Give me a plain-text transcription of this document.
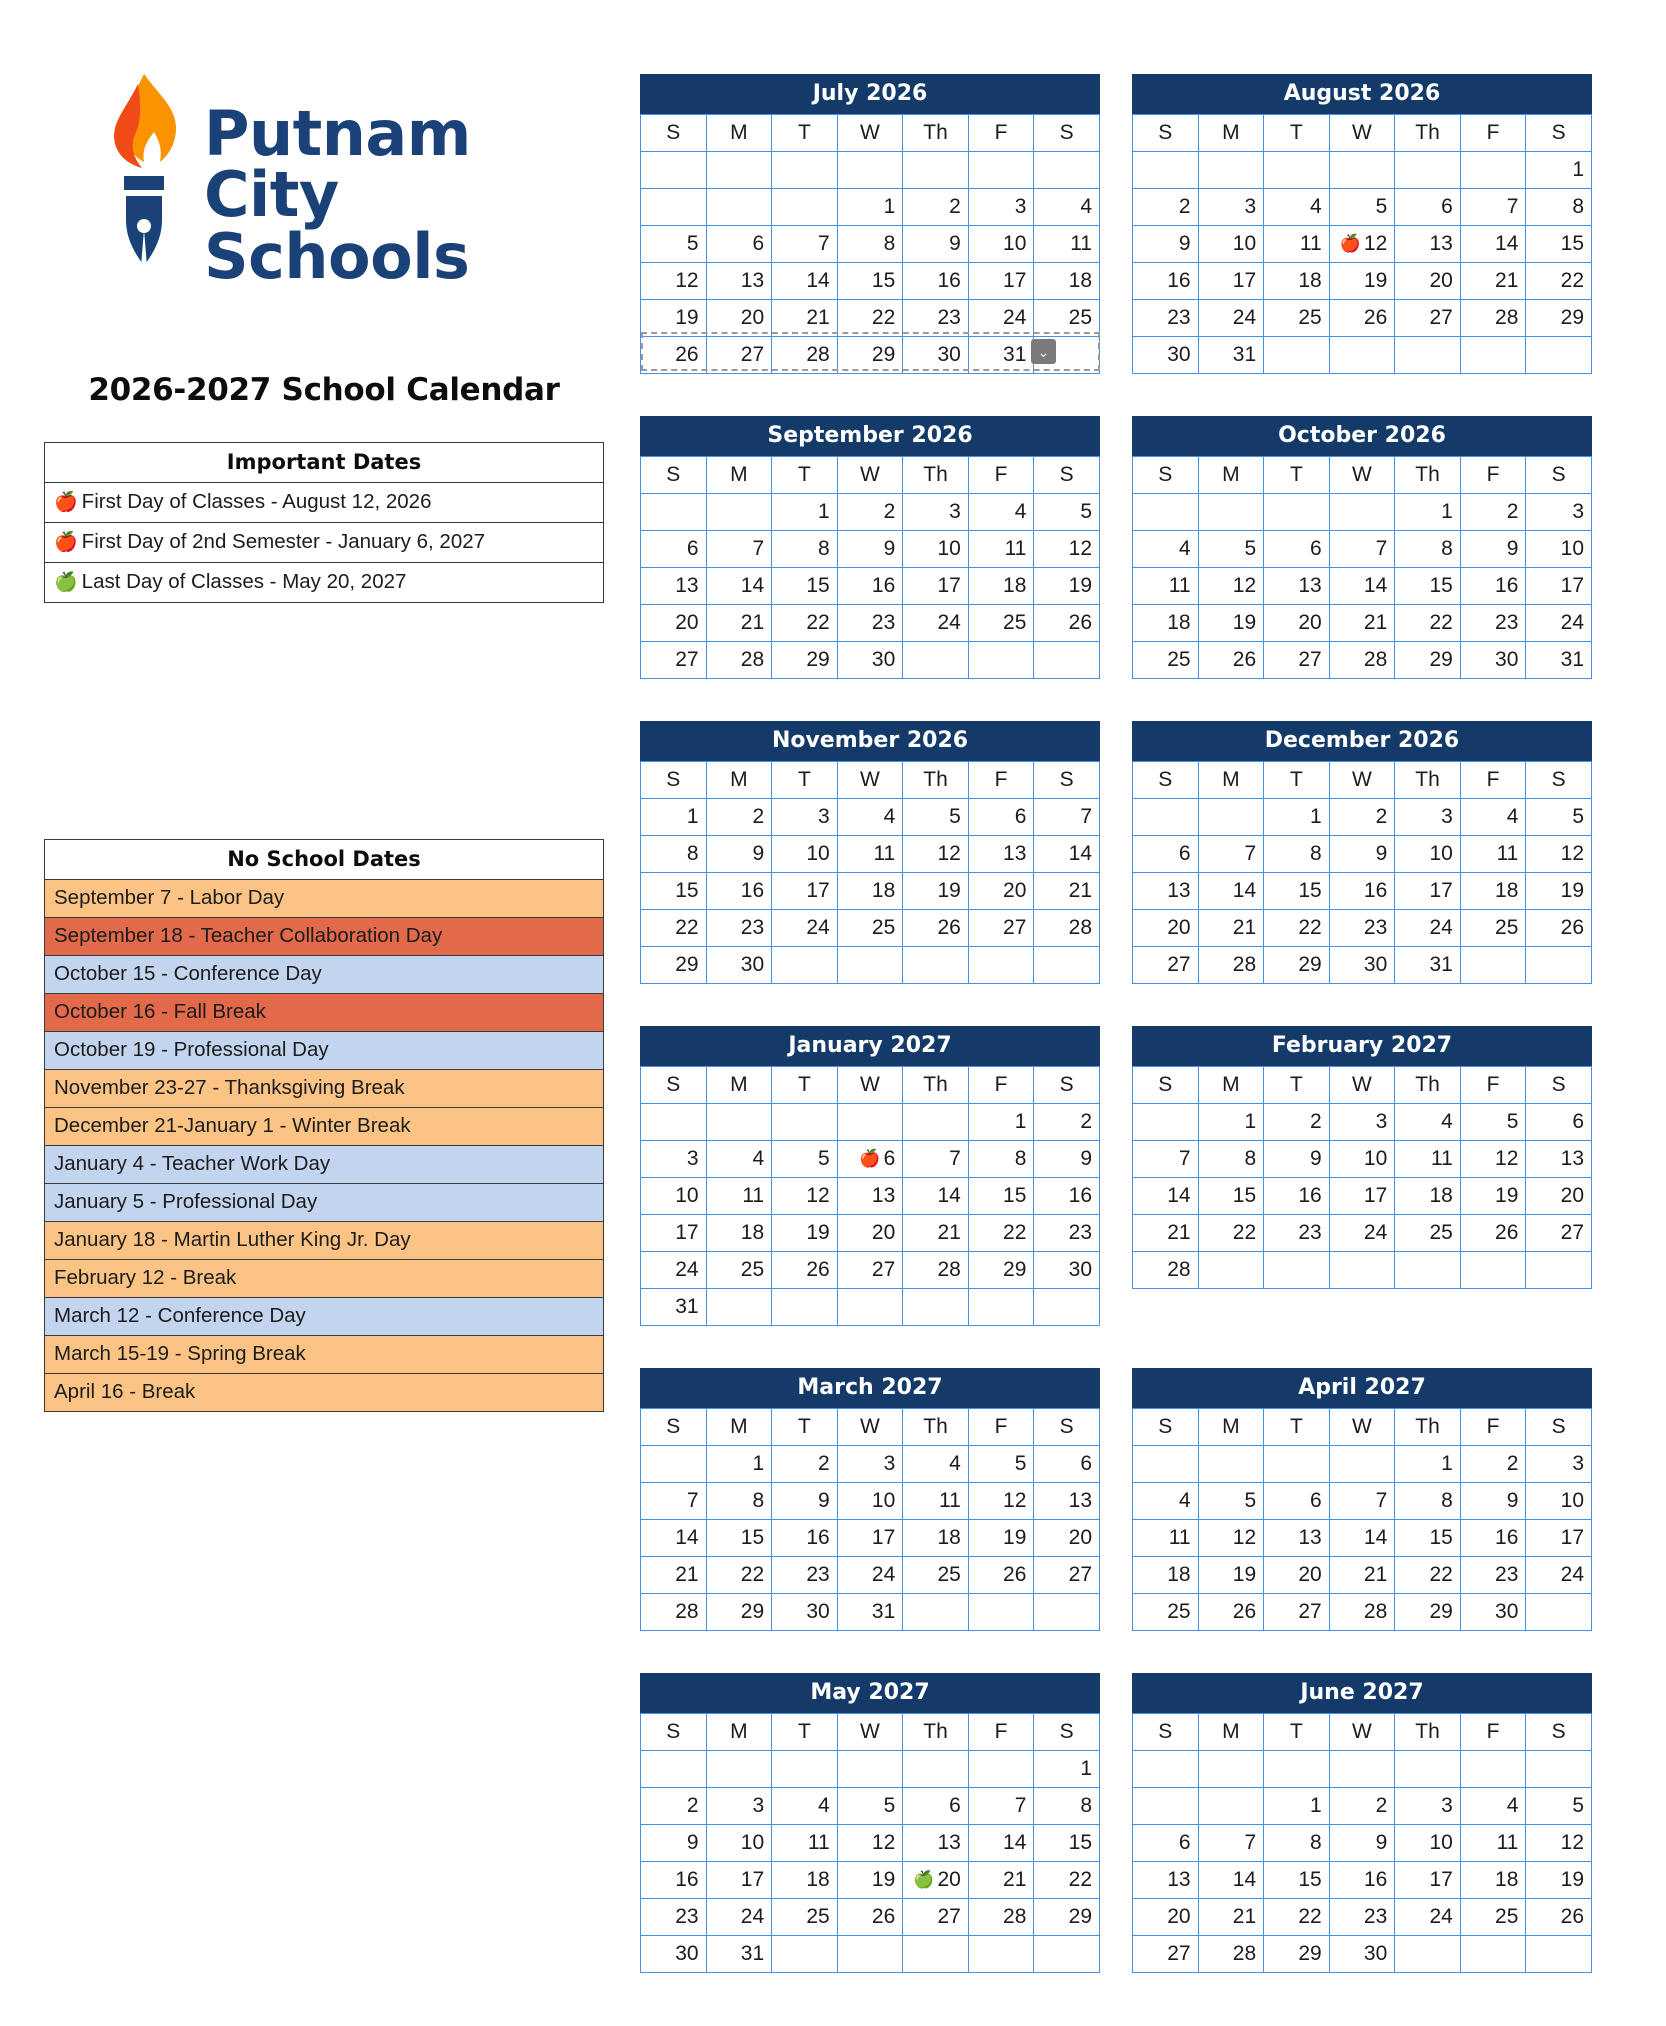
Putnam
City
Schools
2026-2027 School Calendar
Important Dates
🍎 First Day of Classes - August 12, 2026
🍎 First Day of 2nd Semester - January 6, 2027
🍏 Last Day of Classes - May 20, 2027
No School Dates
September 7 - Labor Day
September 18 - Teacher Collaboration Day
October 15 - Conference Day
October 16 - Fall Break
October 19 - Professional Day
November 23-27 - Thanksgiving Break
December 21-January 1 - Winter Break
January 4 - Teacher Work Day
January 5 - Professional Day
January 18 - Martin Luther King Jr. Day
February 12 - Break
March 12 - Conference Day
March 15-19 - Spring Break
April 16 - Break
July 2026
S	M	T	W	Th	F	S

			1	2	3	4
5	6	7	8	9	10	11
12	13	14	15	16	17	18
19	20	21	22	23	24	25
26	27	28	29	30	31	⌄
August 2026
S	M	T	W	Th	F	S
						1
2	3	4	5	6	7	8
9	10	11	🍎 12	13	14	15
16	17	18	19	20	21	22
23	24	25	26	27	28	29
30	31					
September 2026
S	M	T	W	Th	F	S
		1	2	3	4	5
6	7	8	9	10	11	12
13	14	15	16	17	18	19
20	21	22	23	24	25	26
27	28	29	30			
October 2026
S	M	T	W	Th	F	S
				1	2	3
4	5	6	7	8	9	10
11	12	13	14	15	16	17
18	19	20	21	22	23	24
25	26	27	28	29	30	31
November 2026
S	M	T	W	Th	F	S
1	2	3	4	5	6	7
8	9	10	11	12	13	14
15	16	17	18	19	20	21
22	23	24	25	26	27	28
29	30					
December 2026
S	M	T	W	Th	F	S
		1	2	3	4	5
6	7	8	9	10	11	12
13	14	15	16	17	18	19
20	21	22	23	24	25	26
27	28	29	30	31		
January 2027
S	M	T	W	Th	F	S
					1	2
3	4	5	🍎 6	7	8	9
10	11	12	13	14	15	16
17	18	19	20	21	22	23
24	25	26	27	28	29	30
31						
February 2027
S	M	T	W	Th	F	S
	1	2	3	4	5	6
7	8	9	10	11	12	13
14	15	16	17	18	19	20
21	22	23	24	25	26	27
28						
March 2027
S	M	T	W	Th	F	S
	1	2	3	4	5	6
7	8	9	10	11	12	13
14	15	16	17	18	19	20
21	22	23	24	25	26	27
28	29	30	31			
April 2027
S	M	T	W	Th	F	S
				1	2	3
4	5	6	7	8	9	10
11	12	13	14	15	16	17
18	19	20	21	22	23	24
25	26	27	28	29	30	
May 2027
S	M	T	W	Th	F	S
						1
2	3	4	5	6	7	8
9	10	11	12	13	14	15
16	17	18	19	🍏 20	21	22
23	24	25	26	27	28	29
30	31					
June 2027
S	M	T	W	Th	F	S

		1	2	3	4	5
6	7	8	9	10	11	12
13	14	15	16	17	18	19
20	21	22	23	24	25	26
27	28	29	30			
